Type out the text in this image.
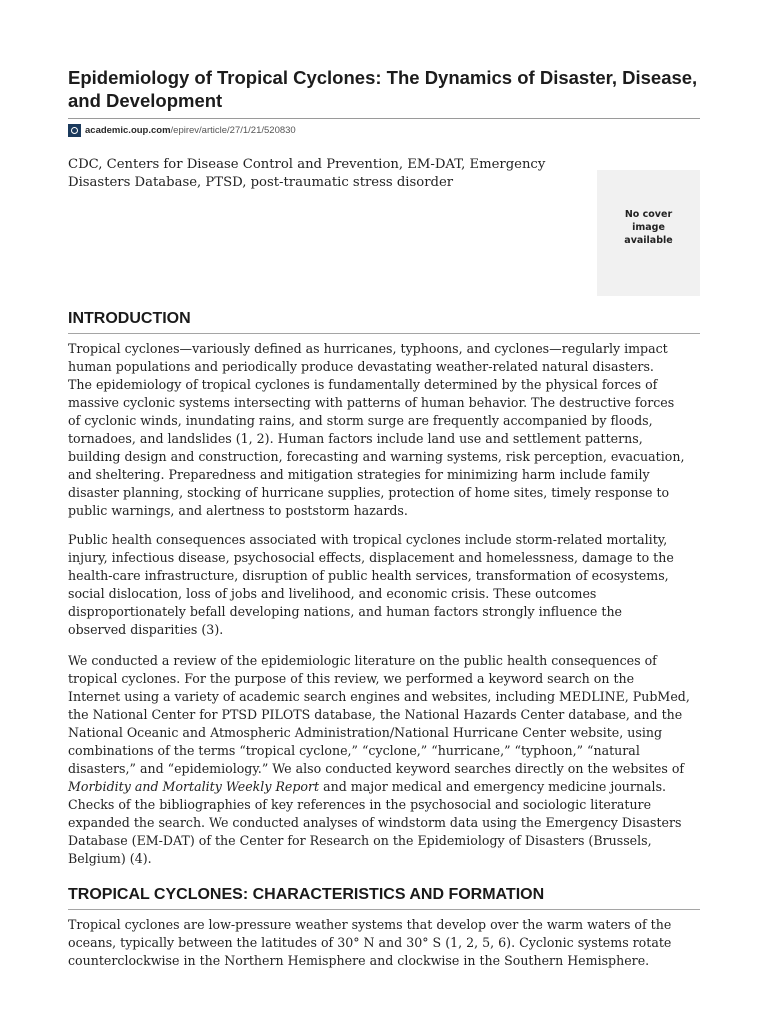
Epidemiology of Tropical Cyclones: The Dynamics of Disaster, Disease, and Development
academic.oup.com /epirev/article/27/1/21/520830

CDC, Centers for Disease Control and Prevention, EM-DAT, Emergency Disasters Database, PTSD, post-traumatic stress disorder

No cover image available
INTRODUCTION

Tropical cyclones—variously defined as hurricanes, typhoons, and cyclones—regularly impact
human populations and periodically produce devastating weather-related natural disasters.
The epidemiology of tropical cyclones is fundamentally determined by the physical forces of
massive cyclonic systems intersecting with patterns of human behavior. The destructive forces
of cyclonic winds, inundating rains, and storm surge are frequently accompanied by floods,
tornadoes, and landslides (1, 2). Human factors include land use and settlement patterns,
building design and construction, forecasting and warning systems, risk perception, evacuation,
and sheltering. Preparedness and mitigation strategies for minimizing harm include family
disaster planning, stocking of hurricane supplies, protection of home sites, timely response to
public warnings, and alertness to poststorm hazards.

Public health consequences associated with tropical cyclones include storm-related mortality,
injury, infectious disease, psychosocial effects, displacement and homelessness, damage to the
health-care infrastructure, disruption of public health services, transformation of ecosystems,
social dislocation, loss of jobs and livelihood, and economic crisis. These outcomes
disproportionately befall developing nations, and human factors strongly influence the
observed disparities (3).

We conducted a review of the epidemiologic literature on the public health consequences of
tropical cyclones. For the purpose of this review, we performed a keyword search on the
Internet using a variety of academic search engines and websites, including MEDLINE, PubMed,
the National Center for PTSD PILOTS database, the National Hazards Center database, and the
National Oceanic and Atmospheric Administration/National Hurricane Center website, using
combinations of the terms “tropical cyclone,” “cyclone,” “hurricane,” “typhoon,” “natural
disasters,” and “epidemiology.” We also conducted keyword searches directly on the websites of
Morbidity and Mortality Weekly Report and major medical and emergency medicine journals.
Checks of the bibliographies of key references in the psychosocial and sociologic literature
expanded the search. We conducted analyses of windstorm data using the Emergency Disasters
Database (EM-DAT) of the Center for Research on the Epidemiology of Disasters (Brussels,
Belgium) (4).

TROPICAL CYCLONES: CHARACTERISTICS AND FORMATION

Tropical cyclones are low-pressure weather systems that develop over the warm waters of the
oceans, typically between the latitudes of 30° N and 30° S (1, 2, 5, 6). Cyclonic systems rotate
counterclockwise in the Northern Hemisphere and clockwise in the Southern Hemisphere.
